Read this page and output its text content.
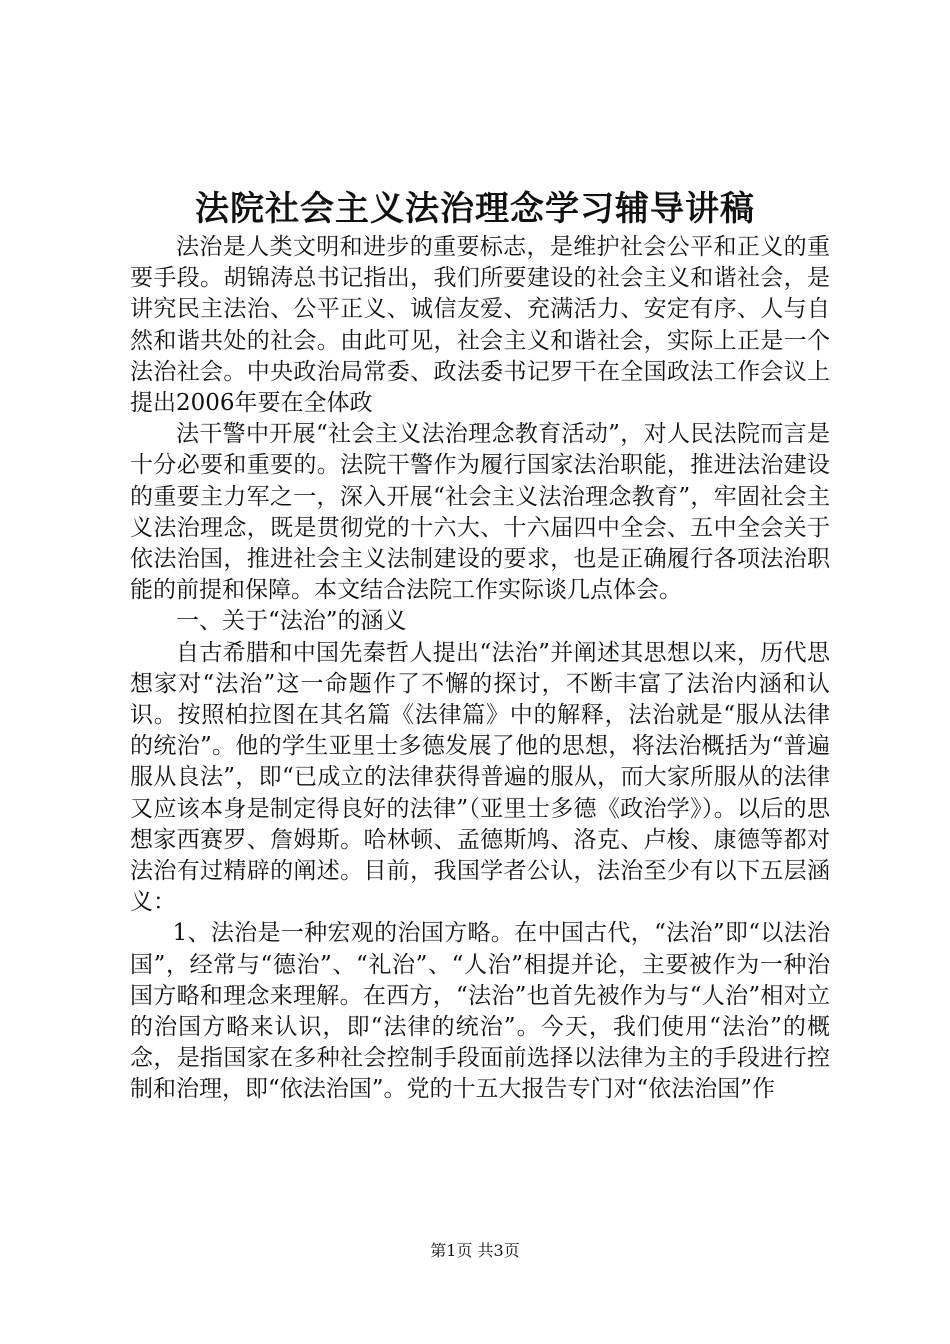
法院社会主义法治理念学习辅导讲稿

法治是人类文明和进步的重要标志，是维护社会公平和正义的重要手段。胡锦涛总书记指出，我们所要建设的社会主义和谐社会，是讲究民主法治、公平正义、诚信友爱、充满活力、安定有序、人与自然和谐共处的社会。由此可见，社会主义和谐社会，实际上正是一个法治社会。中央政治局常委、政法委书记罗干在全国政法工作会议上提出2006年要在全体政

法干警中开展“社会主义法治理念教育活动”，对人民法院而言是十分必要和重要的。法院干警作为履行国家法治职能，推进法治建设的重要主力军之一，深入开展“社会主义法治理念教育”，牢固社会主义法治理念，既是贯彻党的十六大、十六届四中全会、五中全会关于依法治国，推进社会主义法制建设的要求，也是正确履行各项法治职能的前提和保障。本文结合法院工作实际谈几点体会。

一、关于“法治”的涵义

自古希腊和中国先秦哲人提出“法治”并阐述其思想以来，历代思想家对“法治”这一命题作了不懈的探讨，不断丰富了法治内涵和认识。按照柏拉图在其名篇《法律篇》中的解释，法治就是“服从法律的统治”。他的学生亚里士多德发展了他的思想，将法治概括为“普遍服从良法”，即“已成立的法律获得普遍的服从，而大家所服从的法律又应该本身是制定得良好的法律”（亚里士多德《政治学》）。以后的思想家西赛罗、詹姆斯。哈林顿、孟德斯鸠、洛克、卢梭、康德等都对法治有过精辟的阐述。目前，我国学者公认，法治至少有以下五层涵义：

1、法治是一种宏观的治国方略。在中国古代，“法治”即“以法治国”，经常与“德治”、“礼治”、“人治”相提并论，主要被作为一种治国方略和理念来理解。在西方，“法治”也首先被作为与“人治”相对立的治国方略来认识，即“法律的统治”。今天，我们使用“法治”的概念，是指国家在多种社会控制手段面前选择以法律为主的手段进行控制和治理，即“依法治国”。党的十五大报告专门对“依法治国”作

第1页 共3页
